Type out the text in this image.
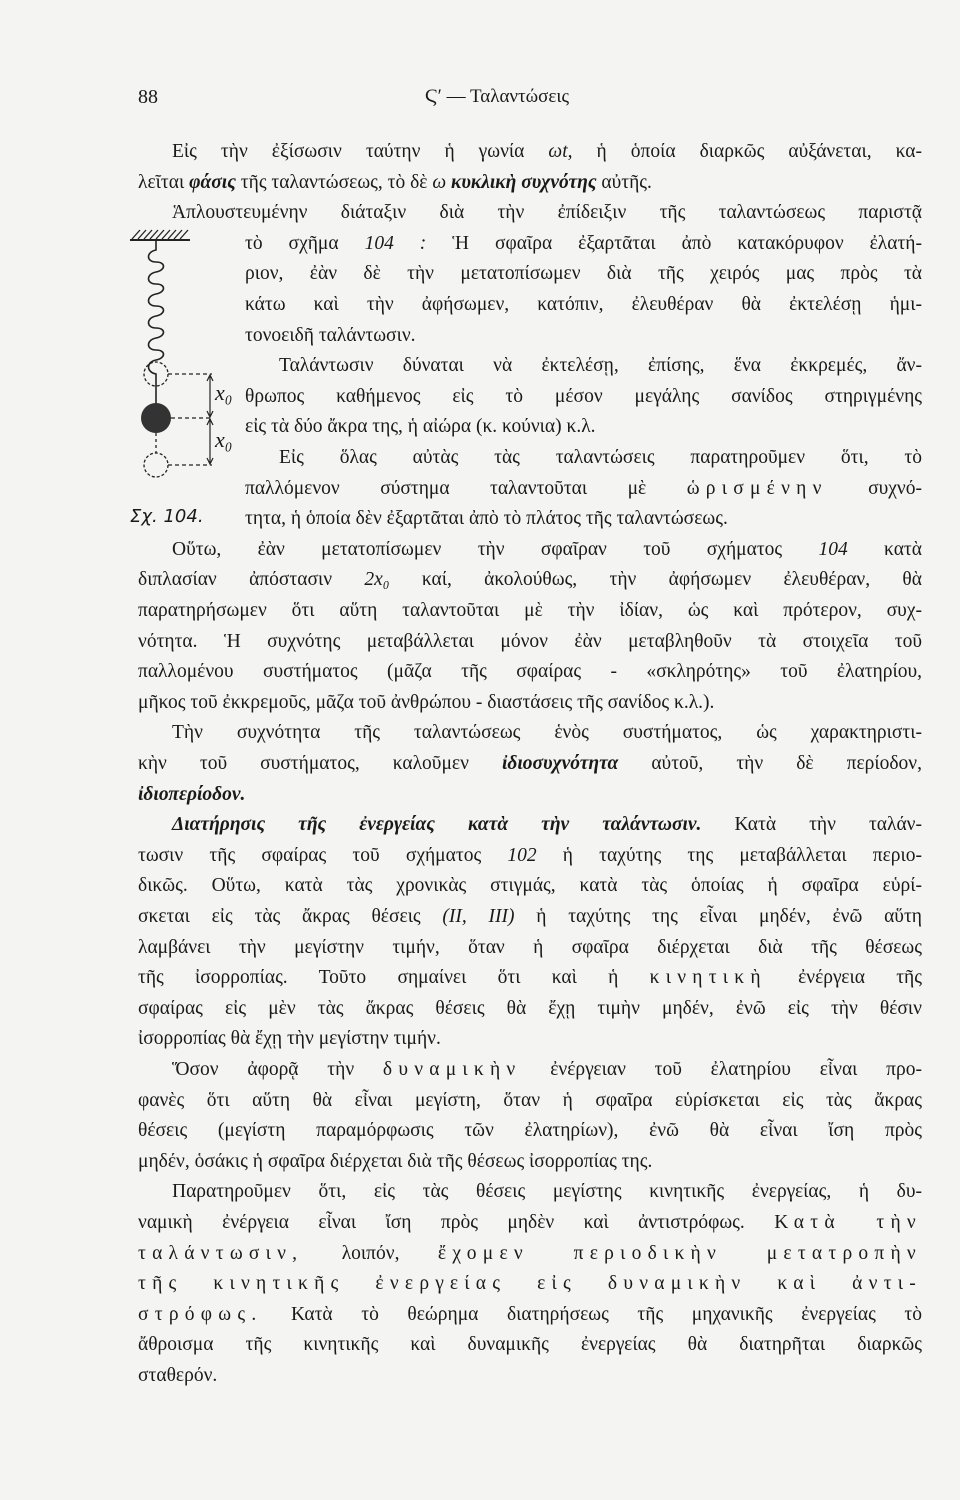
88	Ϛʹ — Ταλαντώσεις
x₀
x₀
Σχ. 104.
Εἰς τὴν ἐξίσωσιν ταύτην ἡ γωνία ωt, ἡ ὁποία διαρκῶς αὐξάνεται, κα-
λεῖται φάσις τῆς ταλαντώσεως, τὸ δὲ ω κυκλικὴ συχνότης αὐτῆς.
Ἁπλουστευμένην διάταξιν διὰ τὴν ἐπίδειξιν τῆς ταλαντώσεως παριστᾷ
τὸ σχῆμα 104 : Ἡ σφαῖρα ἐξαρτᾶται ἀπὸ κατακόρυφον ἐλατή-
ριον, ἐὰν δὲ τὴν μετατοπίσωμεν διὰ τῆς χειρός μας πρὸς τὰ
κάτω καὶ τὴν ἀφήσωμεν, κατόπιν, ἐλευθέραν θὰ ἐκτελέσῃ ἡμι-
τονοειδῆ ταλάντωσιν.
Ταλάντωσιν δύναται νὰ ἐκτελέσῃ, ἐπίσης, ἕνα ἐκκρεμές, ἄν-
θρωπος καθήμενος εἰς τὸ μέσον μεγάλης σανίδος στηριγμένης
εἰς τὰ δύο ἄκρα της, ἡ αἰώρα (κ. κούνια) κ.λ.
Εἰς ὅλας αὐτὰς τὰς ταλαντώσεις παρατηροῦμεν ὅτι, τὸ
παλλόμενον σύστημα ταλαντοῦται μὲ ὡρισμένην συχνό-
τητα, ἡ ὁποία δὲν ἐξαρτᾶται ἀπὸ τὸ πλάτος τῆς ταλαντώσεως.
Οὕτω, ἐὰν μετατοπίσωμεν τὴν σφαῖραν τοῦ σχήματος 104 κατὰ
διπλασίαν ἀπόστασιν 2x₀ καί, ἀκολούθως, τὴν ἀφήσωμεν ἐλευθέραν, θὰ
παρατηρήσωμεν ὅτι αὕτη ταλαντοῦται μὲ τὴν ἰδίαν, ὡς καὶ πρότερον, συχ-
νότητα. Ἡ συχνότης μεταβάλλεται μόνον ἐὰν μεταβληθοῦν τὰ στοιχεῖα τοῦ
παλλομένου συστήματος (μᾶζα τῆς σφαίρας - «σκληρότης» τοῦ ἐλατηρίου,
μῆκος τοῦ ἐκκρεμοῦς, μᾶζα τοῦ ἀνθρώπου - διαστάσεις τῆς σανίδος κ.λ.).
Τὴν συχνότητα τῆς ταλαντώσεως ἑνὸς συστήματος, ὡς χαρακτηριστι-
κὴν τοῦ συστήματος, καλοῦμεν ἰδιοσυχνότητα αὐτοῦ, τὴν δὲ περίοδον,
ἰδιοπερίοδον.
Διατήρησις τῆς ἐνεργείας κατὰ τὴν ταλάντωσιν. Κατὰ τὴν ταλάν-
τωσιν τῆς σφαίρας τοῦ σχήματος 102 ἡ ταχύτης της μεταβάλλεται περιο-
δικῶς. Οὕτω, κατὰ τὰς χρονικὰς στιγμάς, κατὰ τὰς ὁποίας ἡ σφαῖρα εὑρί-
σκεται εἰς τὰς ἄκρας θέσεις (II, III) ἡ ταχύτης της εἶναι μηδέν, ἐνῶ αὕτη
λαμβάνει τὴν μεγίστην τιμήν, ὅταν ἡ σφαῖρα διέρχεται διὰ τῆς θέσεως
τῆς ἰσορροπίας. Τοῦτο σημαίνει ὅτι καὶ ἡ κινητικὴ ἐνέργεια τῆς
σφαίρας εἰς μὲν τὰς ἄκρας θέσεις θὰ ἔχῃ τιμὴν μηδέν, ἐνῶ εἰς τὴν θέσιν
ἰσορροπίας θὰ ἔχῃ τὴν μεγίστην τιμήν.
Ὅσον ἀφορᾷ τὴν δυναμικὴν ἐνέργειαν τοῦ ἐλατηρίου εἶναι προ-
φανὲς ὅτι αὕτη θὰ εἶναι μεγίστη, ὅταν ἡ σφαῖρα εὑρίσκεται εἰς τὰς ἄκρας
θέσεις (μεγίστη παραμόρφωσις τῶν ἐλατηρίων), ἐνῶ θὰ εἶναι ἴση πρὸς
μηδέν, ὁσάκις ἡ σφαῖρα διέρχεται διὰ τῆς θέσεως ἰσορροπίας της.
Παρατηροῦμεν ὅτι, εἰς τὰς θέσεις μεγίστης κινητικῆς ἐνεργείας, ἡ δυ-
ναμικὴ ἐνέργεια εἶναι ἴση πρὸς μηδὲν καὶ ἀντιστρόφως. Κατὰ τὴν
ταλάντωσιν, λοιπόν, ἔχομεν περιοδικὴν μετατροπὴν
τῆς κινητικῆς ἐνεργείας εἰς δυναμικὴν καὶ ἀντι-
στρόφως. Κατὰ τὸ θεώρημα διατηρήσεως τῆς μηχανικῆς ἐνεργείας τὸ
ἄθροισμα τῆς κινητικῆς καὶ δυναμικῆς ἐνεργείας θὰ διατηρῆται διαρκῶς
σταθερόν.
